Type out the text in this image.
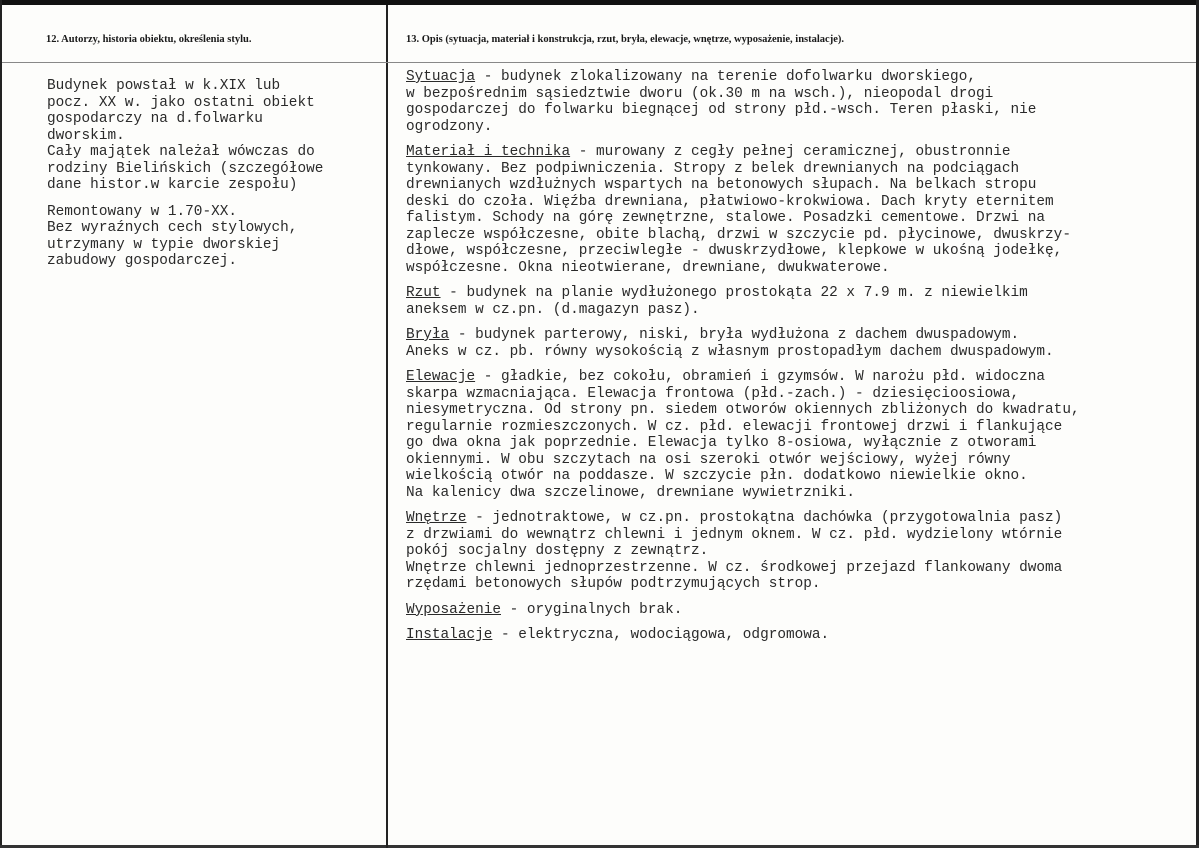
12. Autorzy, historia obiektu, określenia stylu.	13. Opis (sytuacja, materiał i konstrukcja, rzut, bryła, elewacje, wnętrze, wyposażenie, instalacje).

Budynek powstał w k.XIX lub
pocz. XX w. jako ostatni obiekt
gospodarczy na d.folwarku
dworskim.
Cały majątek należał wówczas do
rodziny Bielińskich (szczegółowe
dane histor.w karcie zespołu)

Remontowany w 1.70-XX.
Bez wyraźnych cech stylowych,
utrzymany w typie dworskiej
zabudowy gospodarczej.

Sytuacja - budynek zlokalizowany na terenie dofolwarku dworskiego,
w bezpośrednim sąsiedztwie dworu (ok.30 m na wsch.), nieopodal drogi
gospodarczej do folwarku biegnącej od strony płd.-wsch. Teren płaski, nie
ogrodzony.

Materiał i technika - murowany z cegły pełnej ceramicznej, obustronnie
tynkowany. Bez podpiwniczenia. Stropy z belek drewnianych na podciągach
drewnianych wzdłużnych wspartych na betonowych słupach. Na belkach stropu
deski do czoła. Więźba drewniana, płatwiowo-krokwiowa. Dach kryty eternitem
falistym. Schody na górę zewnętrzne, stalowe. Posadzki cementowe. Drzwi na
zaplecze współczesne, obite blachą, drzwi w szczycie pd. płycinowe, dwuskrzy-
dłowe, współczesne, przeciwległe - dwuskrzydłowe, klepkowe w ukośną jodełkę,
współczesne. Okna nieotwierane, drewniane, dwukwaterowe.

Rzut - budynek na planie wydłużonego prostokąta 22 x 7.9 m. z niewielkim
aneksem w cz.pn. (d.magazyn pasz).

Bryła - budynek parterowy, niski, bryła wydłużona z dachem dwuspadowym.
Aneks w cz. pb. równy wysokością z własnym prostopadłym dachem dwuspadowym.

Elewacje - gładkie, bez cokołu, obramień i gzymsów. W narożu płd. widoczna
skarpa wzmacniająca. Elewacja frontowa (płd.-zach.) - dziesięcioosiowa,
niesymetryczna. Od strony pn. siedem otworów okiennych zbliżonych do kwadratu,
regularnie rozmieszczonych. W cz. płd. elewacji frontowej drzwi i flankujące
go dwa okna jak poprzednie. Elewacja tylko 8-osiowa, wyłącznie z otworami
okiennymi. W obu szczytach na osi szeroki otwór wejściowy, wyżej równy
wielkością otwór na poddasze. W szczycie płn. dodatkowo niewielkie okno.
Na kalenicy dwa szczelinowe, drewniane wywietrzniki.

Wnętrze - jednotraktowe, w cz.pn. prostokątna dachówka (przygotowalnia pasz)
z drzwiami do wewnątrz chlewni i jednym oknem. W cz. płd. wydzielony wtórnie
pokój socjalny dostępny z zewnątrz.
Wnętrze chlewni jednoprzestrzenne. W cz. środkowej przejazd flankowany dwoma
rzędami betonowych słupów podtrzymujących strop.

Wyposażenie - oryginalnych brak.

Instalacje - elektryczna, wodociągowa, odgromowa.
